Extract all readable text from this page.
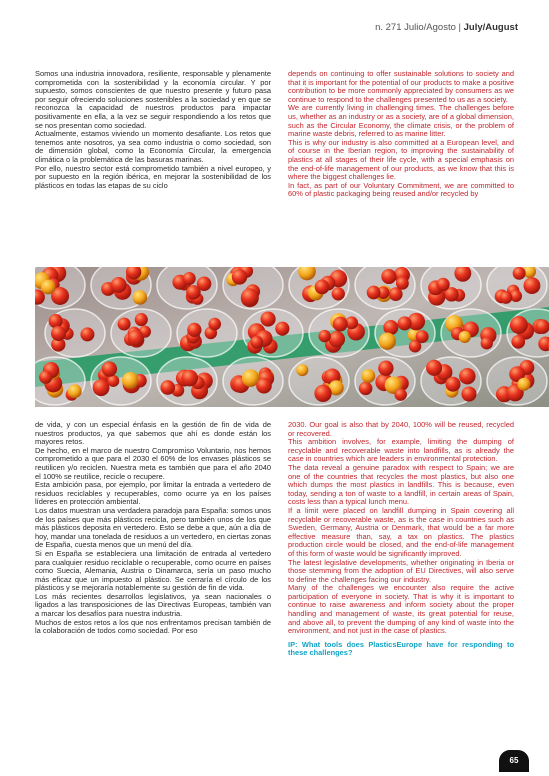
n. 271 Julio/Agosto | July/August

Somos una industria innovadora, resiliente, responsable y plenamente comprometida con la sostenibilidad y la economía circular. Y por supuesto, somos conscientes de que nuestro presente y futuro pasa por seguir ofreciendo soluciones sostenibles a la sociedad y en que se reconozca la capacidad de nuestros productos para impactar positivamente en ella, a la vez se seguir respondiendo a los retos que se nos presentan como sociedad.

Actualmente, estamos viviendo un momento desafiante. Los retos que tenemos ante nosotros, ya sea como industria o como sociedad, son de dimensión global, como la Economía Circular, la emergencia climática o la problemática de las basuras marinas.

Por ello, nuestro sector está comprometido también a nivel europeo, y por supuesto en la región ibérica, en mejorar la sostenibilidad de los plásticos en todas las etapas de su ciclo

depends on continuing to offer sustainable solutions to society and that it is important for the potential of our products to make a positive contribution to be more commonly appreciated by consumers as we continue to respond to the challenges presented to us as a society.

We are currently living in challenging times. The challenges before us, whether as an industry or as a society, are of a global dimension, such as the Circular Economy, the climate crisis, or the problem of marine waste debris, referred to as marine litter.

This is why our industry is also committed at a European level, and of course in the Iberian region, to improving the sustainability of plastics at all stages of their life cycle, with a special emphasis on the end-of-life management of our products, as we know that this is where the biggest challenges lie.

In fact, as part of our Voluntary Commitment, we are committed to 60% of plastic packaging being reused and/or recycled by

de vida, y con un especial énfasis en la gestión de fin de vida de nuestros productos, ya que sabemos que ahí es donde están los mayores retos.

De hecho, en el marco de nuestro Compromiso Voluntario, nos hemos comprometido a que para el 2030 el 60% de los envases plásticos se reutilicen y/o reciclen. Nuestra meta es también que para el año 2040 el 100% se reutilice, recicle o recupere.

Esta ambición pasa, por ejemplo, por limitar la entrada a vertedero de residuos reciclables y recuperables, como ocurre ya en los países líderes en protección ambiental.

Los datos muestran una verdadera paradoja para España: somos unos de los países que más plásticos recicla, pero también unos de los que más plásticos deposita en vertedero. Esto se debe a que, aún a día de hoy, mandar una tonelada de residuos a un vertedero, en ciertas zonas de España, cuesta menos que un menú del día.

Si en España se estableciera una limitación de entrada al vertedero para cualquier residuo reciclable o recuperable, como ocurre en países como Suecia, Alemania, Austria o Dinamarca, sería un paso mucho más eficaz que un impuesto al plástico. Se cerraría el círculo de los plásticos y se mejoraría notablemente su gestión de fin de vida.

Los más recientes desarrollos legislativos, ya sean nacionales o ligados a las transposiciones de las Directivas Europeas, también van a marcar los desafíos para nuestra industria.

Muchos de estos retos a los que nos enfrentamos precisan también de la colaboración de todos como sociedad. Por eso

2030. Our goal is also that by 2040, 100% will be reused, recycled or recovered.

This ambition involves, for example, limiting the dumping of recyclable and recoverable waste into landfills, as is already the case in countries which are leaders in environmental protection.

The data reveal a genuine paradox with respect to Spain; we are one of the countries that recycles the most plastics, but also one which dumps the most plastics in landfills. This is because, even today, sending a ton of waste to a landfill, in certain areas of Spain, costs less than a typical lunch menu.

If a limit were placed on landfill dumping in Spain covering all recyclable or recoverable waste, as is the case in countries such as Sweden, Germany, Austria or Denmark, that would be a far more effective measure than, say, a tax on plastics. The plastics production circle would be closed, and the end-of-life management of this form of waste would be significantly improved.

The latest legislative developments, whether originating in Iberia or those stemming from the adoption of EU Directives, will also serve to define the challenges facing our industry.

Many of the challenges we encounter also require the active participation of everyone in society. That is why it is important to continue to raise awareness and inform society about the proper handling and management of waste, its great potential for reuse, and above all, to prevent the dumping of any kind of waste into the environment, and not just in the case of plastics.

IP: What tools does PlasticsEurope have for responding to these challenges?

65
